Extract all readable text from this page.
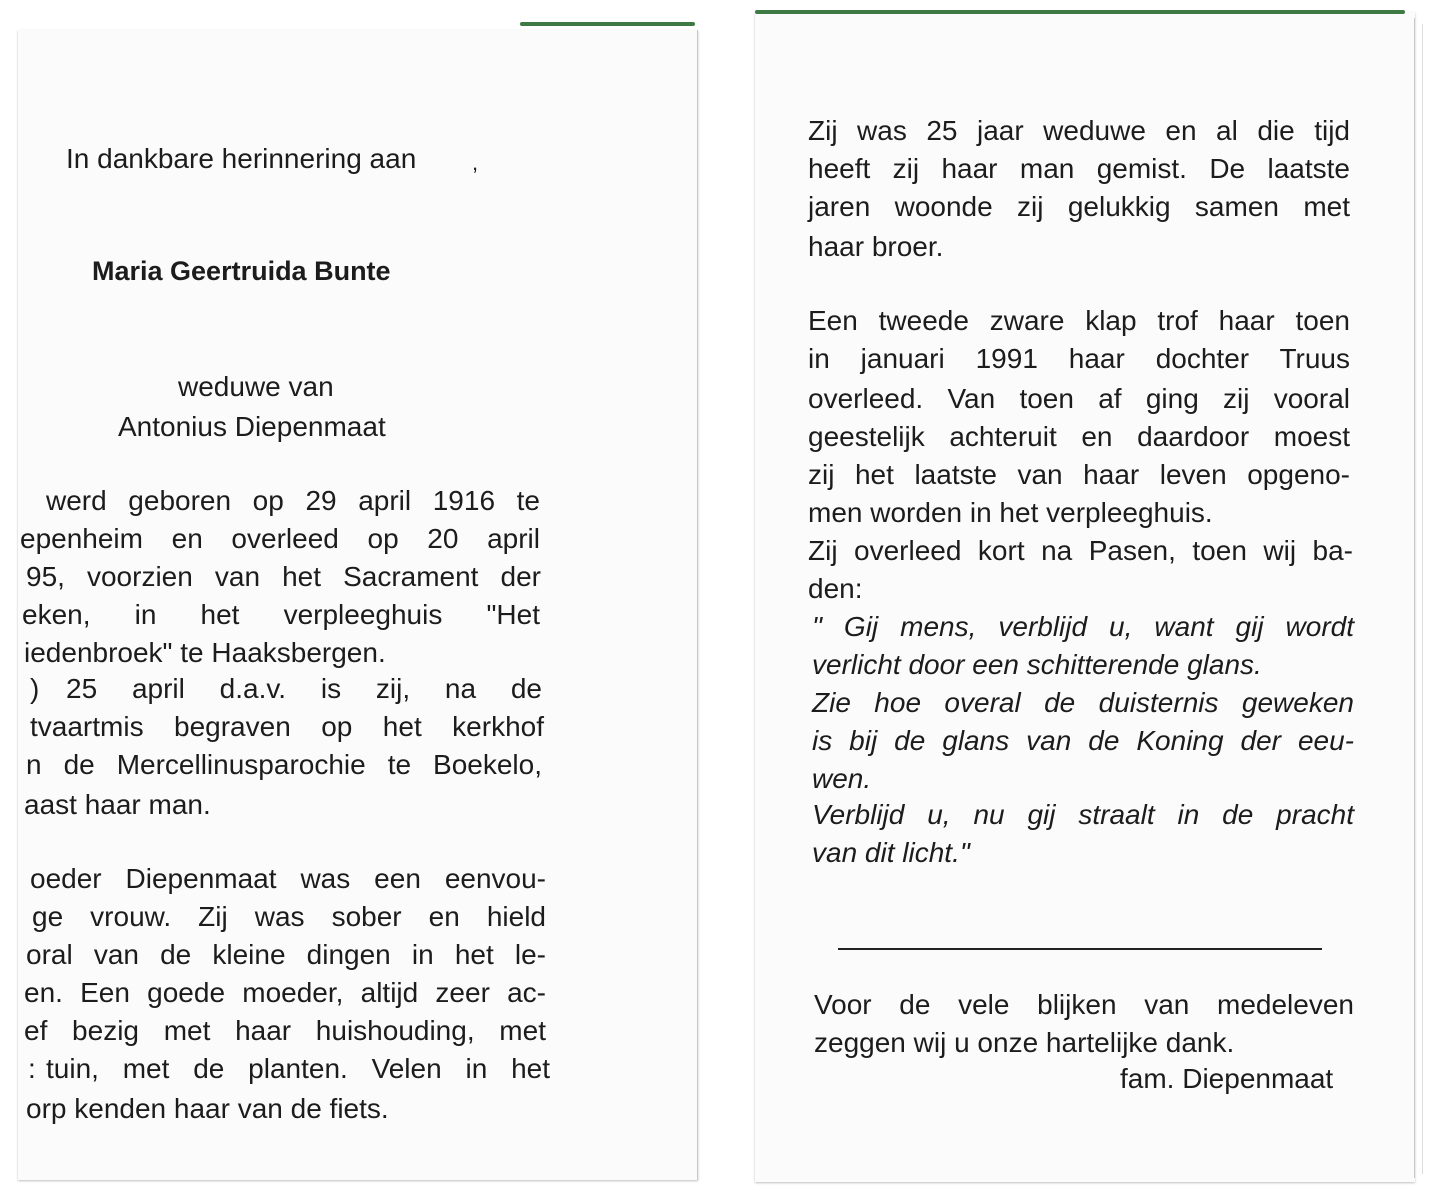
In dankbare herinnering aan	,
Maria Geertruida Bunte
weduwe van
Antonius Diepenmaat
werd geboren op 29 april 1916 te
epenheim en overleed op 20 april
95, voorzien van het Sacrament der
eken, in het verpleeghuis "Het
iedenbroek" te Haaksbergen.
25 april d.a.v. is zij, na de
)
tvaartmis begraven op het kerkhof
n de Mercellinusparochie te Boekelo,
aast haar man.
oeder Diepenmaat was een eenvou-
ge vrouw. Zij was sober en hield
oral van de kleine dingen in het le-
en. Een goede moeder, altijd zeer ac-
ef bezig met haar huishouding, met
tuin, met de planten. Velen in het
:
orp kenden haar van de fiets.
Zij was 25 jaar weduwe en al die tijd
heeft zij haar man gemist. De laatste
jaren woonde zij gelukkig samen met
haar broer.
Een tweede zware klap trof haar toen
in januari 1991 haar dochter Truus
overleed. Van toen af ging zij vooral
geestelijk achteruit en daardoor moest
zij het laatste van haar leven opgeno-
men worden in het verpleeghuis.
Zij overleed kort na Pasen, toen wij ba-
den:
" Gij mens, verblijd u, want gij wordt
verlicht door een schitterende glans.
Zie hoe overal de duisternis geweken
is bij de glans van de Koning der eeu-
wen.
Verblijd u, nu gij straalt in de pracht
van dit licht."
Voor de vele blijken van medeleven
zeggen wij u onze hartelijke dank.
fam. Diepenmaat
